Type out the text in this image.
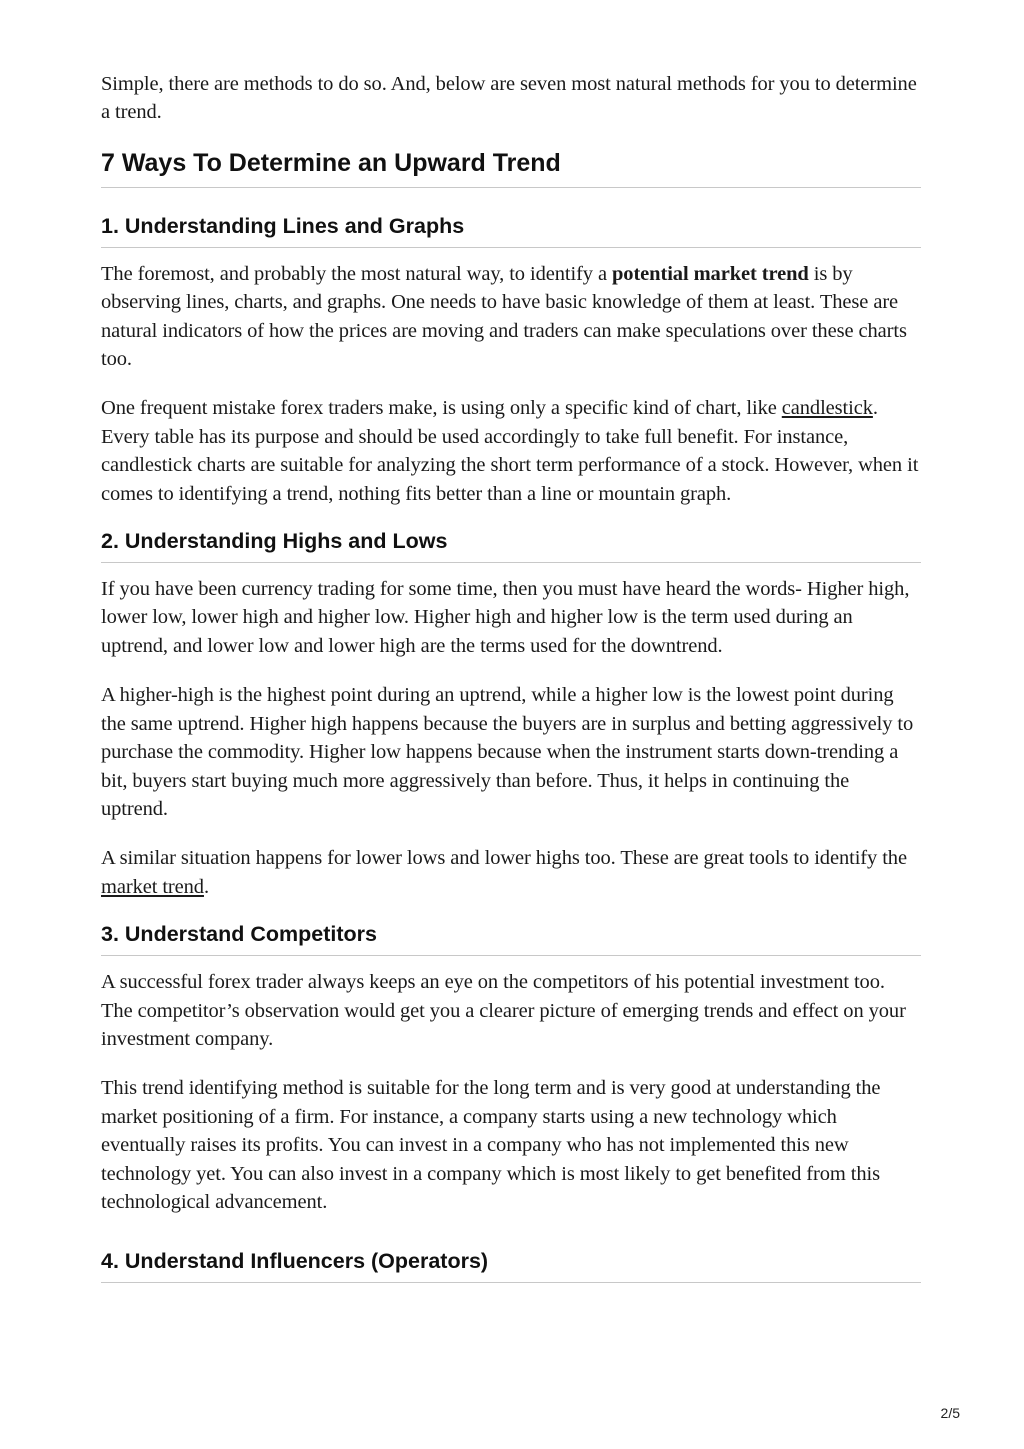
Simple, there are methods to do so. And, below are seven most natural methods for you to determine a trend.

7 Ways To Determine an Upward Trend
1. Understanding Lines and Graphs

The foremost, and probably the most natural way, to identify a potential market trend is by observing lines, charts, and graphs. One needs to have basic knowledge of them at least. These are natural indicators of how the prices are moving and traders can make speculations over these charts too.

One frequent mistake forex traders make, is using only a specific kind of chart, like candlestick. Every table has its purpose and should be used accordingly to take full benefit. For instance, candlestick charts are suitable for analyzing the short term performance of a stock. However, when it comes to identifying a trend, nothing fits better than a line or mountain graph.

2. Understanding Highs and Lows

If you have been currency trading for some time, then you must have heard the words- Higher high, lower low, lower high and higher low. Higher high and higher low is the term used during an uptrend, and lower low and lower high are the terms used for the downtrend.

A higher-high is the highest point during an uptrend, while a higher low is the lowest point during the same uptrend. Higher high happens because the buyers are in surplus and betting aggressively to purchase the commodity. Higher low happens because when the instrument starts down-trending a bit, buyers start buying much more aggressively than before. Thus, it helps in continuing the uptrend.

A similar situation happens for lower lows and lower highs too. These are great tools to identify the market trend.

3. Understand Competitors

A successful forex trader always keeps an eye on the competitors of his potential investment too. The competitor’s observation would get you a clearer picture of emerging trends and effect on your investment company.

This trend identifying method is suitable for the long term and is very good at understanding the market positioning of a firm. For instance, a company starts using a new technology which eventually raises its profits. You can invest in a company who has not implemented this new technology yet. You can also invest in a company which is most likely to get benefited from this technological advancement.

4. Understand Influencers (Operators)
2/5
